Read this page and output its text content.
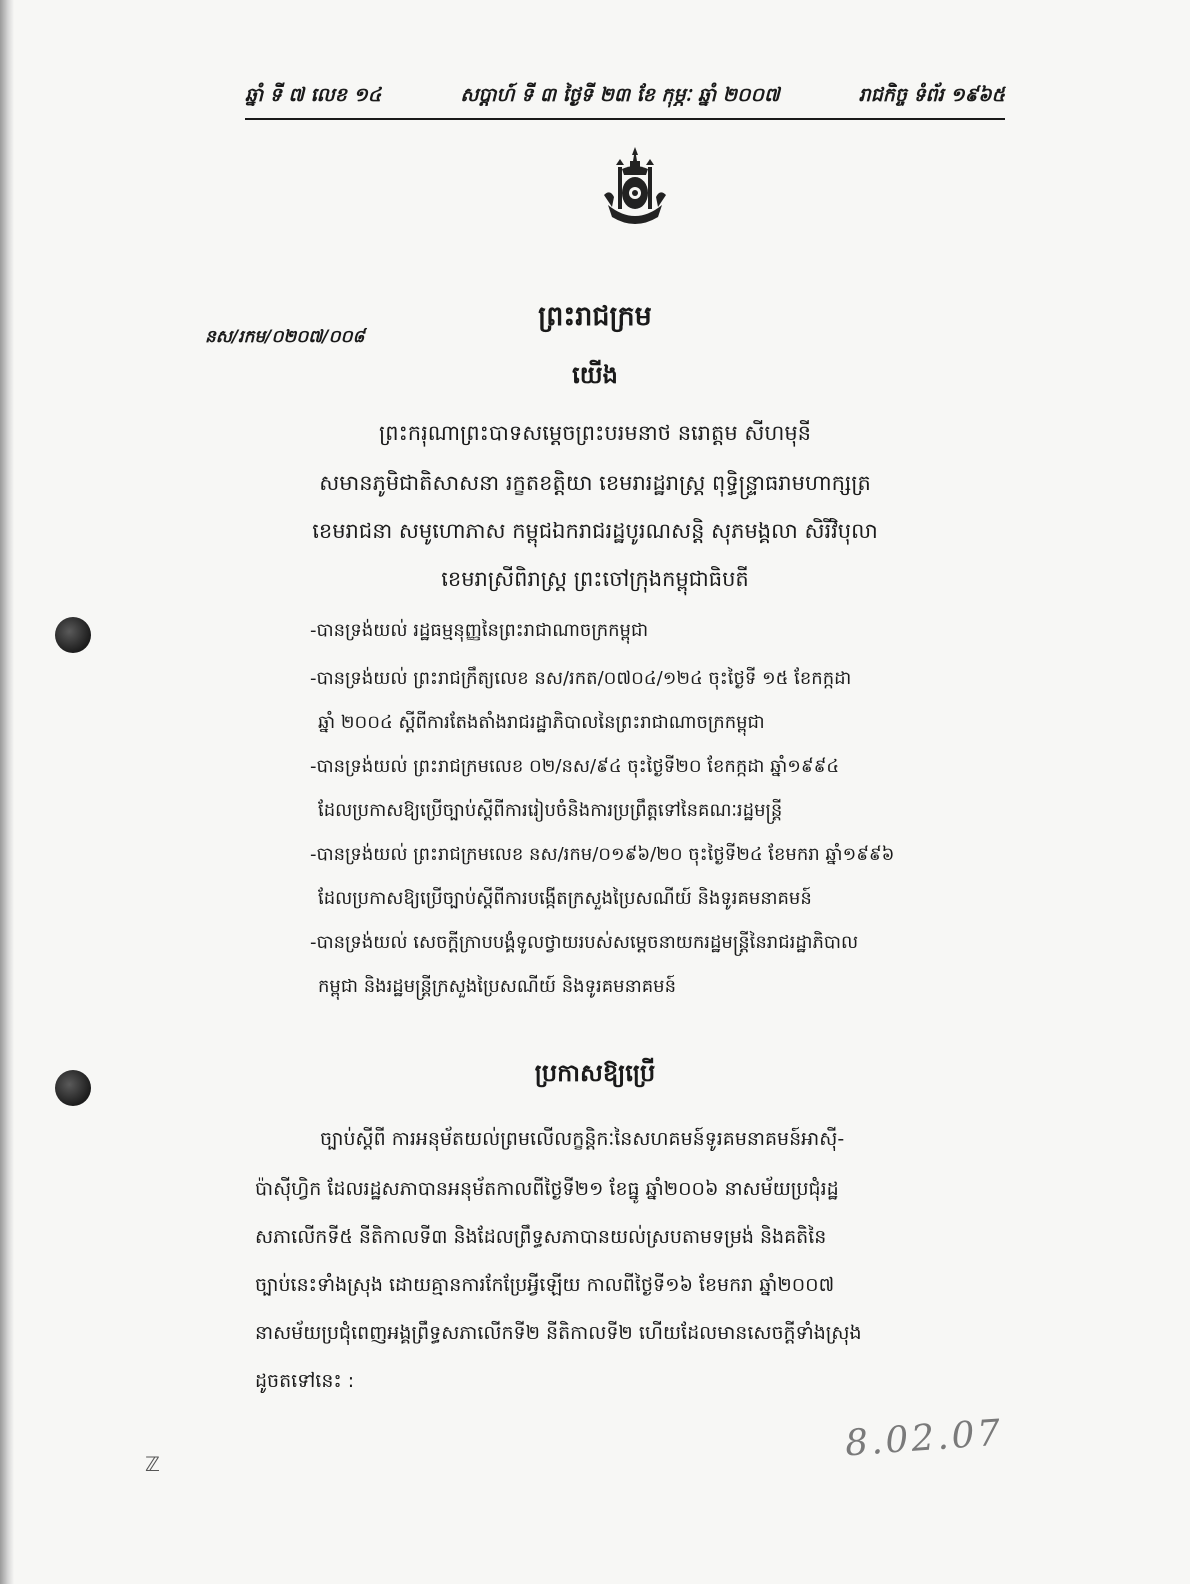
ឆ្នាំ ទី ៧ លេខ ១៤	សប្តាហ៍ ទី ៣ ថ្ងៃទី ២៣ ខែ កុម្ភៈ ឆ្នាំ ២០០៧	រាជកិច្ច ទំព័រ ១៩៦៥
នស/រកម/០២០៧/០០៨
ព្រះរាជក្រម
យើង
ព្រះករុណាព្រះបាទសម្តេចព្រះបរមនាថ នរោត្តម សីហមុនី
សមានភូមិជាតិសាសនា រក្ខតខត្តិយា ខេមរារដ្ឋរាស្ត្រ ពុទ្ធិន្ទ្រាធរាមហាក្សត្រ
ខេមរាជនា សមូហោភាស កម្ពុជឯករាជរដ្ឋបូរណសន្តិ សុភមង្គលា សិរីវិបុលា
ខេមរាស្រីពិរាស្ត្រ ព្រះចៅក្រុងកម្ពុជាធិបតី
-បានទ្រង់យល់ រដ្ឋធម្មនុញ្ញនៃព្រះរាជាណាចក្រកម្ពុជា
-បានទ្រង់យល់ ព្រះរាជក្រឹត្យលេខ នស/រកត/០៧០៤/១២៤ ចុះថ្ងៃទី ១៥ ខែកក្កដា
ឆ្នាំ ២០០៤ ស្តីពីការតែងតាំងរាជរដ្ឋាភិបាលនៃព្រះរាជាណាចក្រកម្ពុជា
-បានទ្រង់យល់ ព្រះរាជក្រមលេខ ០២/នស/៩៤ ចុះថ្ងៃទី២០ ខែកក្កដា ឆ្នាំ១៩៩៤
ដែលប្រកាសឱ្យប្រើច្បាប់ស្តីពីការរៀបចំនិងការប្រព្រឹត្តទៅនៃគណៈរដ្ឋមន្ត្រី
-បានទ្រង់យល់ ព្រះរាជក្រមលេខ នស/រកម/០១៩៦/២០ ចុះថ្ងៃទី២៤ ខែមករា ឆ្នាំ១៩៩៦
ដែលប្រកាសឱ្យប្រើច្បាប់ស្តីពីការបង្កើតក្រសួងប្រៃសណីយ៍ និងទូរគមនាគមន៍
-បានទ្រង់យល់ សេចក្តីក្រាបបង្គំទូលថ្វាយរបស់សម្តេចនាយករដ្ឋមន្ត្រីនៃរាជរដ្ឋាភិបាល
កម្ពុជា និងរដ្ឋមន្ត្រីក្រសួងប្រៃសណីយ៍ និងទូរគមនាគមន៍
ប្រកាសឱ្យប្រើ
ច្បាប់ស្តីពី ការអនុម័តយល់ព្រមលើលក្ខន្តិកៈនៃសហគមន៍ទូរគមនាគមន៍អាស៊ី-
ប៉ាស៊ីហ្វិក ដែលរដ្ឋសភាបានអនុម័តកាលពីថ្ងៃទី២១ ខែធ្នូ ឆ្នាំ២០០៦ នាសម័យប្រជុំរដ្ឋ
សភាលើកទី៥ នីតិកាលទី៣ និងដែលព្រឹទ្ធសភាបានយល់ស្របតាមទម្រង់ និងគតិនៃ
ច្បាប់នេះទាំងស្រុង ដោយគ្មានការកែប្រែអ្វីឡើយ កាលពីថ្ងៃទី១៦ ខែមករា ឆ្នាំ២០០៧
នាសម័យប្រជុំពេញអង្គព្រឹទ្ធសភាលើកទី២ នីតិកាលទី២ ហើយដែលមានសេចក្តីទាំងស្រុង
ដូចតទៅនេះ :
ℤ	8.02.07
